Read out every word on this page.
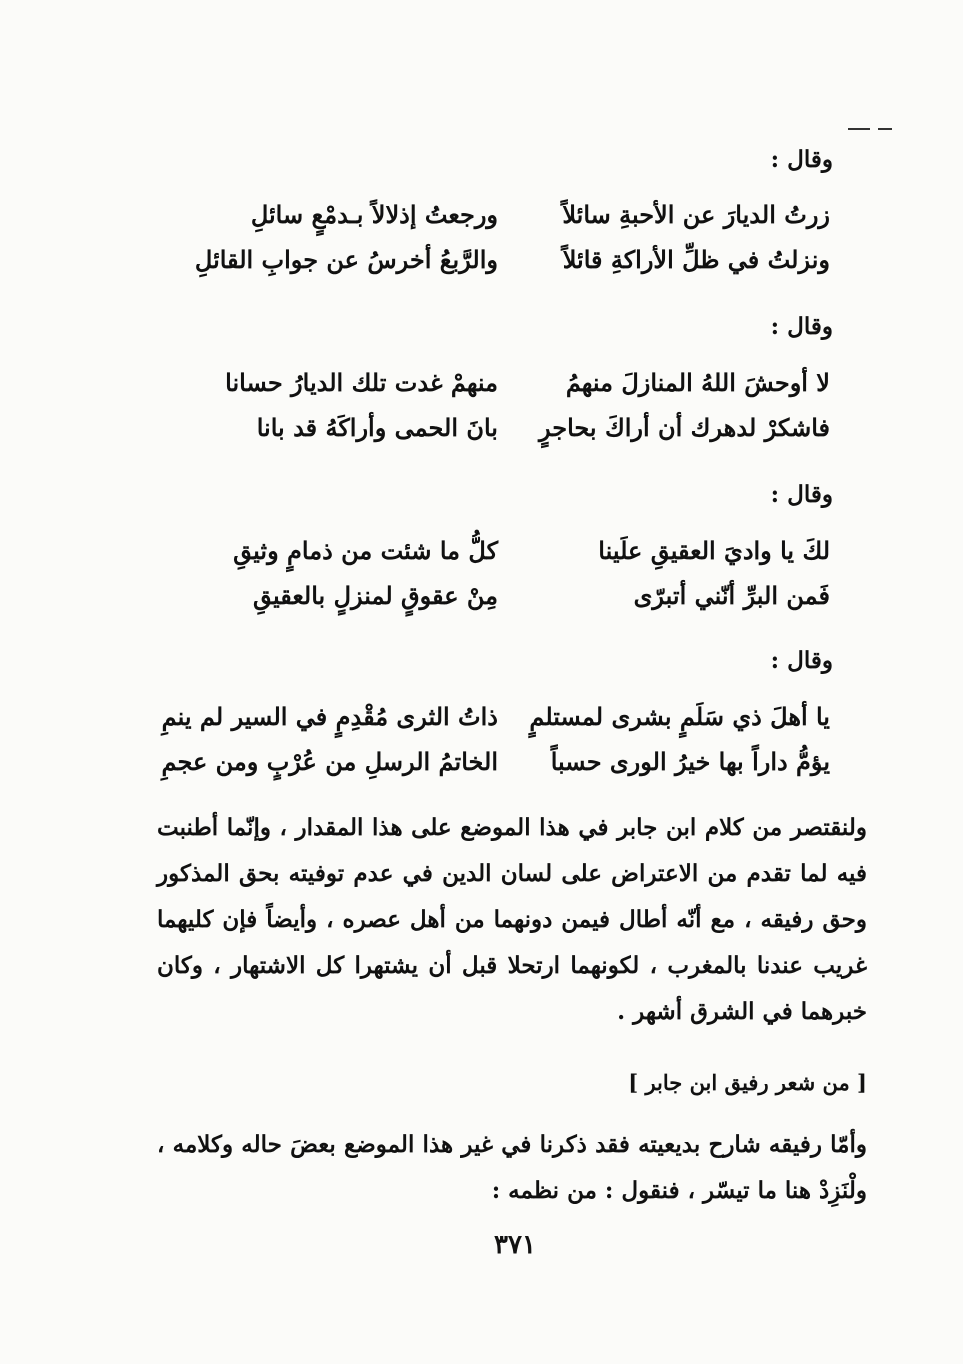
وقال :
زرتُ الديارَ عن الأحبةِ سائلاً
ورجعتُ إذلالاً بـدمْعٍ سائلِ
ونزلتُ في ظلِّ الأراكةِ قائلاً
والرَّبعُ أخرسُ عن جوابِ القائلِ
وقال :
لا أوحشَ اللهُ المنازلَ منهمُ
منهمْ غدت تلك الديارُ حسانا
فاشكرْ لدهرك أن أراكَ بحاجرٍ
بانَ الحمى وأراكَهُ قد بانا
وقال :
لكَ يا واديَ العقيقِ علَينا
كلُّ ما شئت من ذمامٍ وثيقِ
فَمن البرِّ أنّني أتبرّى
مِنْ عقوقٍ لمنزلٍ بالعقيقِ
وقال :
يا أهلَ ذي سَلَمٍ بشرى لمستلمٍ
ذاتُ الثرى مُقْدِمٍ في السير لم ينمِ
يؤمُّ داراً بها خيرُ الورى حسباً
الخاتمُ الرسلِ من عُرْبٍ ومن عجمِ
ولنقتصر من كلام ابن جابر في هذا الموضع على هذا المقدار ، وإنّما أطنبت فيه لما تقدم من الاعتراض على لسان الدين في عدم توفيته بحق المذكور وحق رفيقه ، مع أنّه أطال فيمن دونهما من أهل عصره ، وأيضاً فإن كليهما غريب عندنا بالمغرب ، لكونهما ارتحلا قبل أن يشتهرا كل الاشتهار ، وكان خبرهما في الشرق أشهر .
[ من شعر رفيق ابن جابر ]
وأمّا رفيقه شارح بديعيته فقد ذكرنا في غير هذا الموضع بعضَ حاله وكلامه ، ولْنَزِدْ هنا ما تيسّر ، فنقول : من نظمه :
٣٧١
